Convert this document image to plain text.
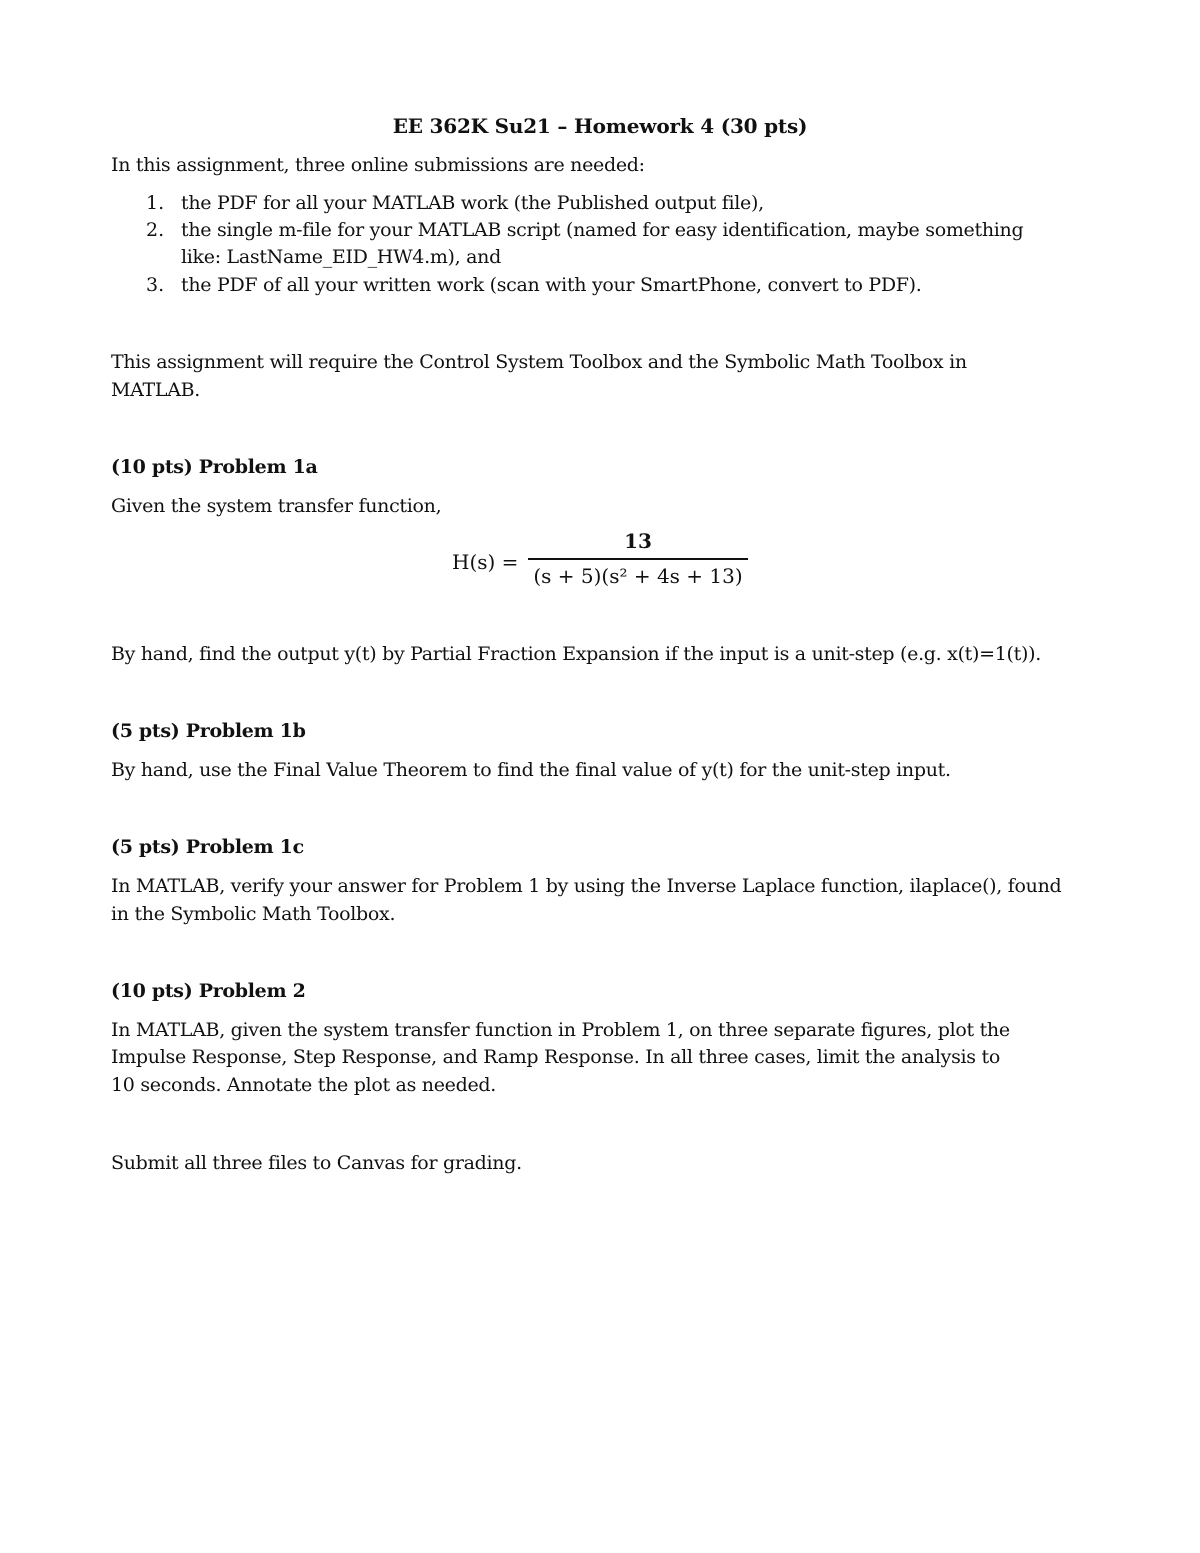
EE 362K Su21 – Homework 4 (30 pts)
In this assignment, three online submissions are needed:
1. the PDF for all your MATLAB work (the Published output file),
2. the single m-file for your MATLAB script (named for easy identification, maybe something
like: LastName_EID_HW4.m), and
3. the PDF of all your written work (scan with your SmartPhone, convert to PDF).
This assignment will require the Control System Toolbox and the Symbolic Math Toolbox in
MATLAB.
(10 pts) Problem 1a
Given the system transfer function,
H(s) =
13
(s + 5)(s² + 4s + 13)
By hand, find the output y(t) by Partial Fraction Expansion if the input is a unit-step (e.g. x(t)=1(t)).
(5 pts) Problem 1b
By hand, use the Final Value Theorem to find the final value of y(t) for the unit-step input.
(5 pts) Problem 1c
In MATLAB, verify your answer for Problem 1 by using the Inverse Laplace function, ilaplace(), found
in the Symbolic Math Toolbox.
(10 pts) Problem 2
In MATLAB, given the system transfer function in Problem 1, on three separate figures, plot the
Impulse Response, Step Response, and Ramp Response. In all three cases, limit the analysis to
10 seconds. Annotate the plot as needed.
Submit all three files to Canvas for grading.
